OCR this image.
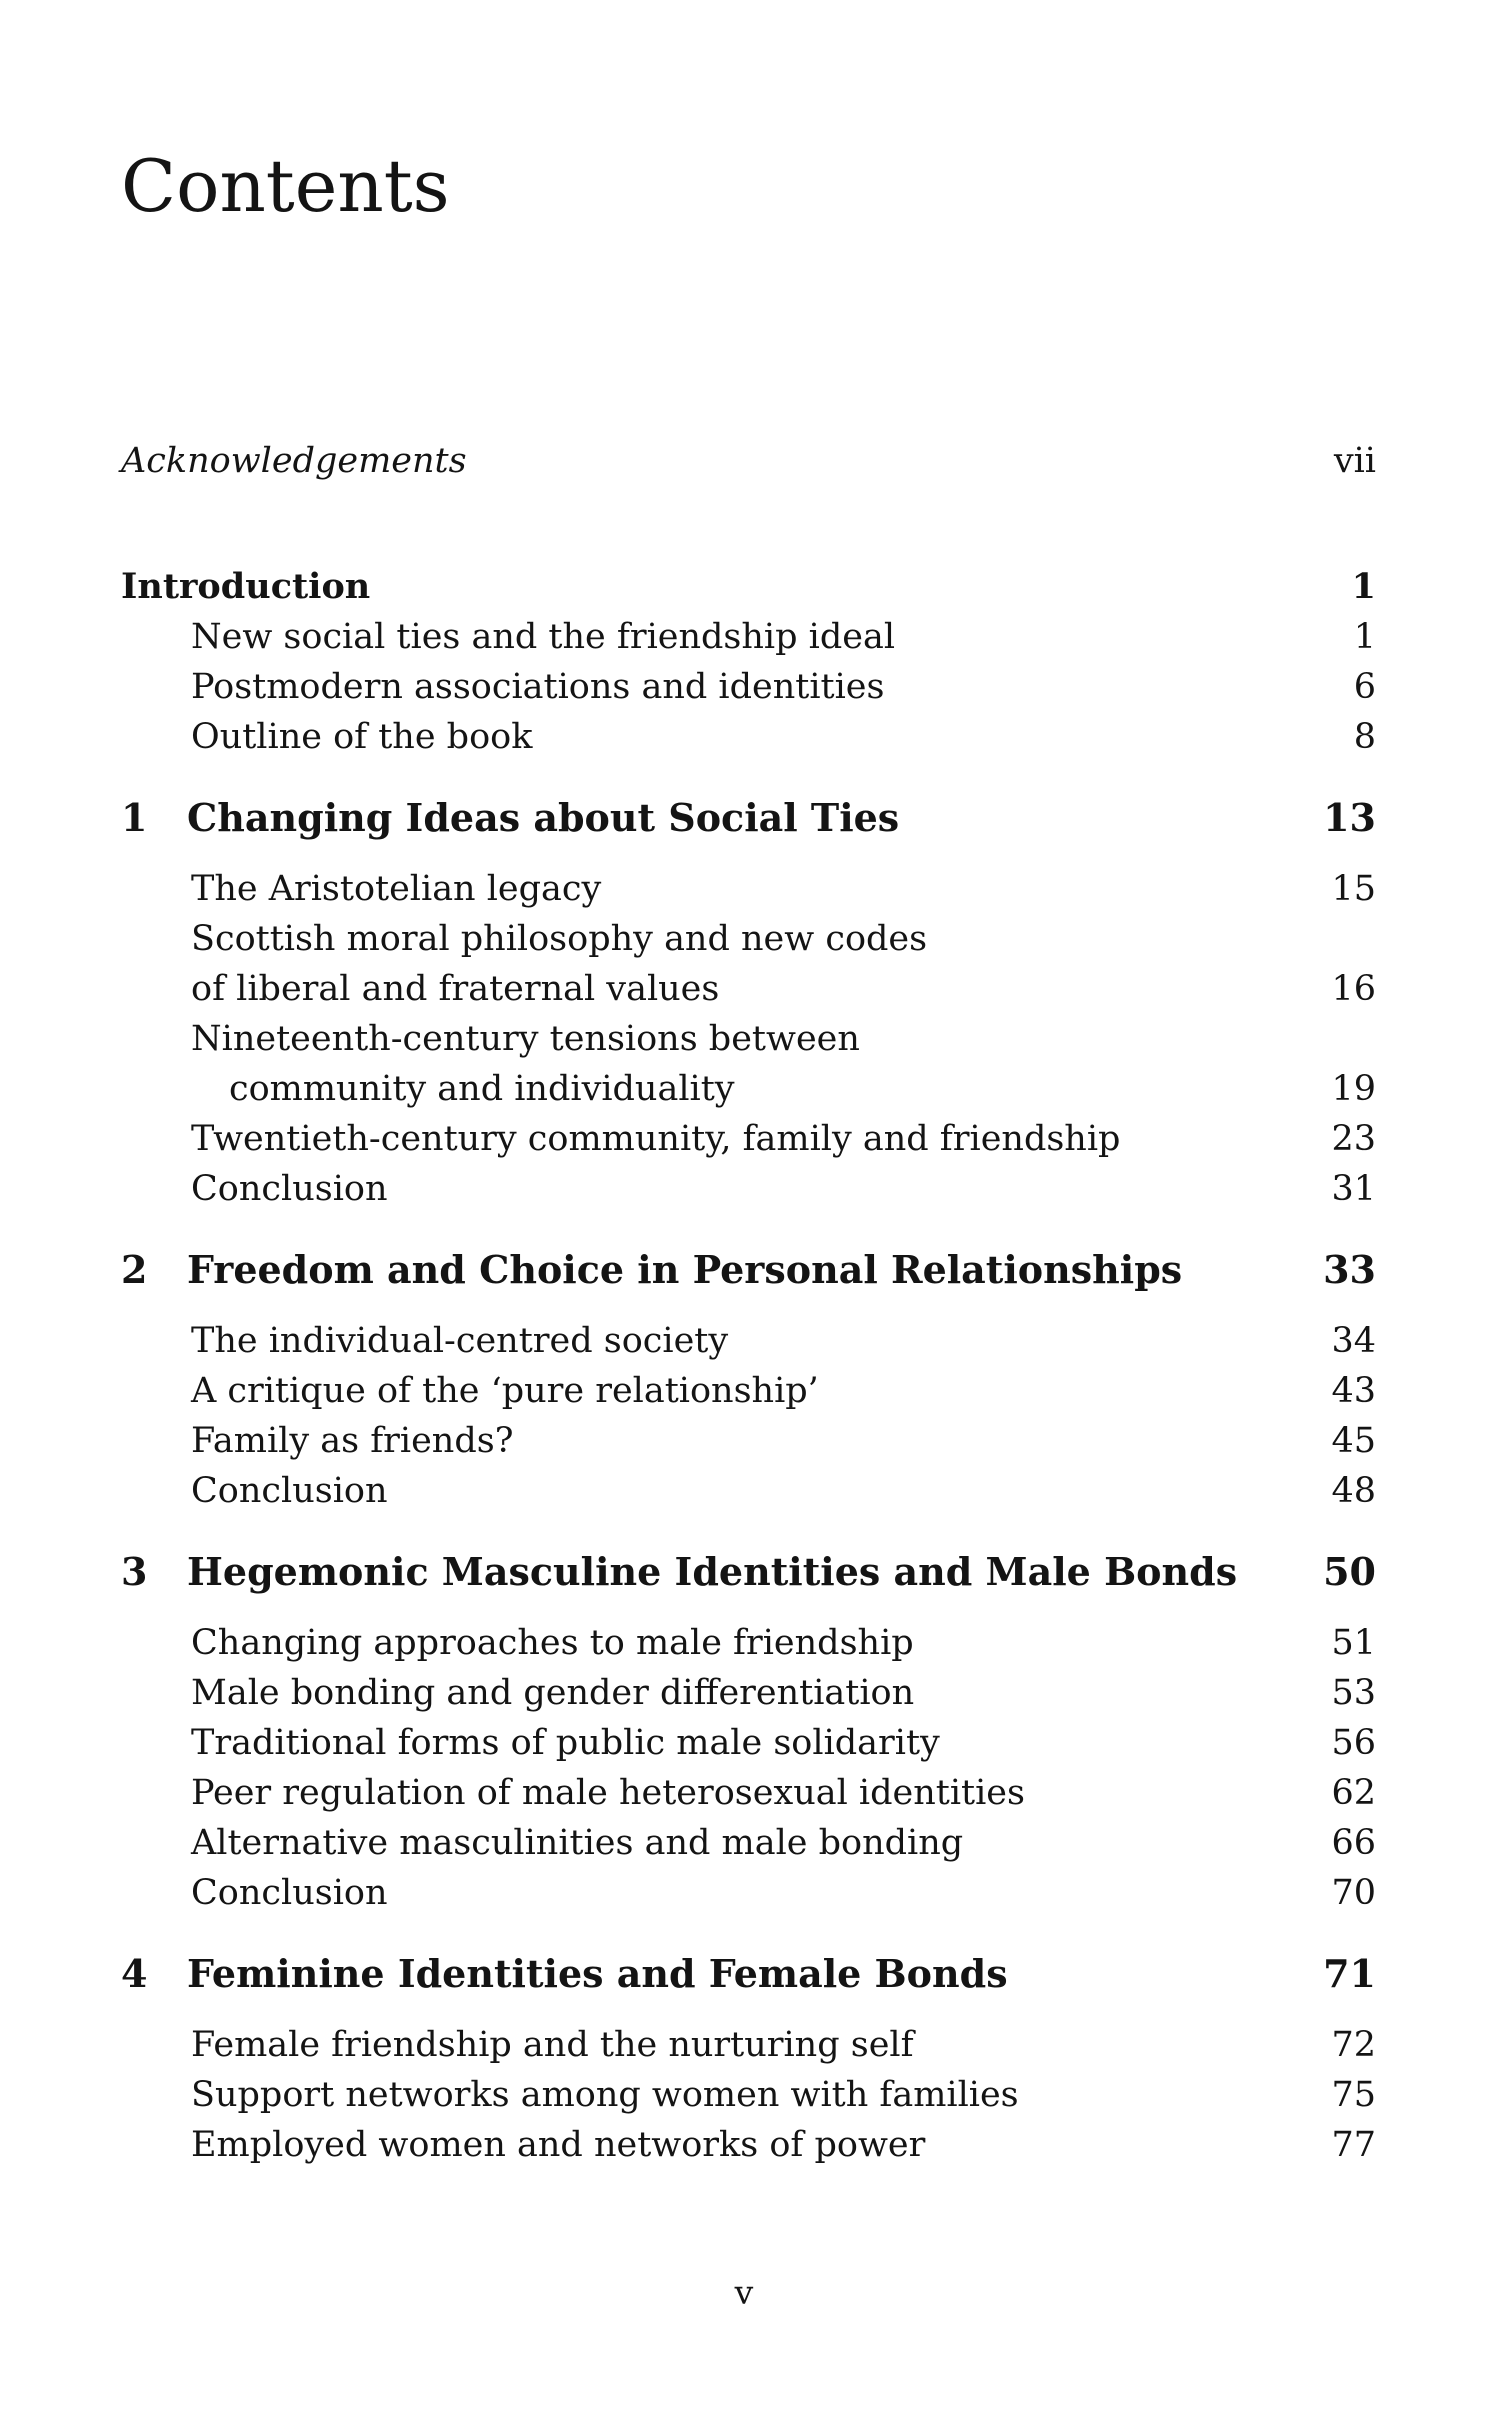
Contents
Acknowledgements	vii
Introduction	1
New social ties and the friendship ideal	1
Postmodern associations and identities	6
Outline of the book	8
1 Changing Ideas about Social Ties	13
The Aristotelian legacy	15
Scottish moral philosophy and new codes
of liberal and fraternal values	16
Nineteenth-century tensions between
community and individuality	19
Twentieth-century community, family and friendship	23
Conclusion	31
2 Freedom and Choice in Personal Relationships	33
The individual-centred society	34
A critique of the ‘pure relationship’	43
Family as friends?	45
Conclusion	48
3 Hegemonic Masculine Identities and Male Bonds 50
Changing approaches to male friendship	51
Male bonding and gender differentiation	53
Traditional forms of public male solidarity	56
Peer regulation of male heterosexual identities	62
Alternative masculinities and male bonding	66
Conclusion	70
4 Feminine Identities and Female Bonds	71
Female friendship and the nurturing self	72
Support networks among women with families	75
Employed women and networks of power	77
v
